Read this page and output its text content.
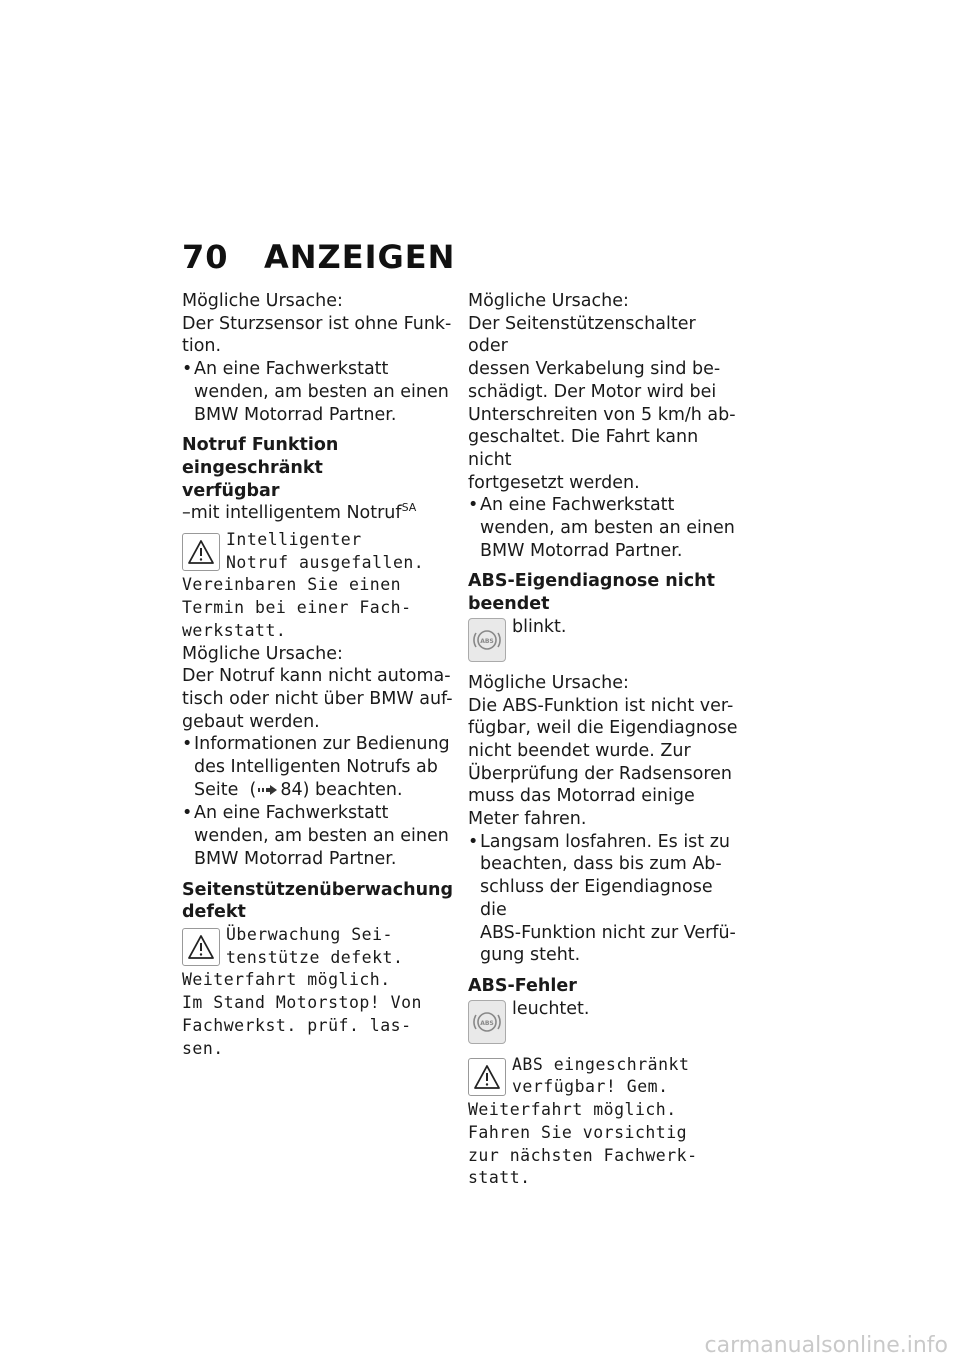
70 ANZEIGEN

Mögliche Ursache:

Der Sturzsensor ist ohne Funk-

tion.

• An eine Fachwerkstatt
wenden, am besten an einen
BMW Motorrad Partner.

Notruf Funktion eingeschränkt

verfügbar

–mit intelligentem Notruf$^{SA}$

Intelligenter

Notruf ausgefallen.

Vereinbaren Sie einen

Termin bei einer Fach-

werkstatt.

Mögliche Ursache:

Der Notruf kann nicht automa-

tisch oder nicht über BMW auf-

gebaut werden.

• Informationen zur Bedienung
des Intelligenten Notrufs ab
Seite  ( 84) beachten.
• An eine Fachwerkstatt
wenden, am besten an einen
BMW Motorrad Partner.

Seitenstützenüberwachung

defekt

Überwachung Sei-

tenstütze defekt.

Weiterfahrt möglich.

Im Stand Motorstop! Von

Fachwerkst. prüf. las-

sen.

Mögliche Ursache:

Der Seitenstützenschalter oder

dessen Verkabelung sind be-

schädigt. Der Motor wird bei

Unterschreiten von 5 km/h ab-

geschaltet. Die Fahrt kann nicht

fortgesetzt werden.

• An eine Fachwerkstatt
wenden, am besten an einen
BMW Motorrad Partner.

ABS-Eigendiagnose nicht

beendet

ABS

blinkt.

Mögliche Ursache:

Die ABS-Funktion ist nicht ver-

fügbar, weil die Eigendiagnose

nicht beendet wurde. Zur

Überprüfung der Radsensoren

muss das Motorrad einige

Meter fahren.

• Langsam losfahren. Es ist zu
beachten, dass bis zum Ab-
schluss der Eigendiagnose die
ABS-Funktion nicht zur Verfü-
gung steht.

ABS-Fehler

ABS

leuchtet.

ABS eingeschränkt

verfügbar! Gem.

Weiterfahrt möglich.

Fahren Sie vorsichtig

zur nächsten Fachwerk-

statt.

carmanualsonline.info
